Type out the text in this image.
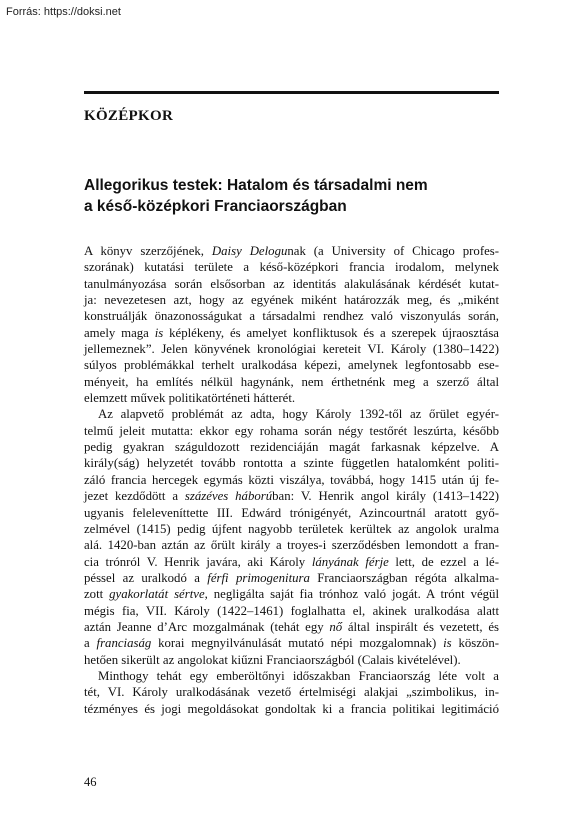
Forrás: https://doksi.net
KÖZÉPKOR
Allegorikus testek: Hatalom és társadalmi nem
a késő-középkori Franciaországban
A könyv szerzőjének, Daisy Delogunak (a University of Chicago profes-
szorának) kutatási területe a késő-középkori francia irodalom, melynek
tanulmányozása során elsősorban az identitás alakulásának kérdését kutat-
ja: nevezetesen azt, hogy az egyének miként határozzák meg, és „miként
konstruálják önazonosságukat a társadalmi rendhez való viszonyulás során,
amely maga is képlékeny, és amelyet konfliktusok és a szerepek újraosztása
jellemeznek”. Jelen könyvének kronológiai kereteit VI. Károly (1380–1422)
súlyos problémákkal terhelt uralkodása képezi, amelynek legfontosabb ese-
ményeit, ha említés nélkül hagynánk, nem érthetnénk meg a szerző által
elemzett művek politikatörténeti hátterét.
Az alapvető problémát az adta, hogy Károly 1392-től az őrület egyér-
telmű jeleit mutatta: ekkor egy rohama során négy testőrét leszúrta, később
pedig gyakran száguldozott rezidenciáján magát farkasnak képzelve. A
király(ság) helyzetét tovább rontotta a szinte független hatalomként politi-
záló francia hercegek egymás közti viszálya, továbbá, hogy 1415 után új fe-
jezet kezdődött a százéves háborúban: V. Henrik angol király (1413–1422)
ugyanis feleleveníttette III. Edwárd trónigényét, Azincourtnál aratott győ-
zelmével (1415) pedig újfent nagyobb területek kerültek az angolok uralma
alá. 1420-ban aztán az őrült király a troyes-i szerződésben lemondott a fran-
cia trónról V. Henrik javára, aki Károly lányának férje lett, de ezzel a lé-
péssel az uralkodó a férfi primogenitura Franciaországban régóta alkalma-
zott gyakorlatát sértve, negligálta saját fia trónhoz való jogát. A trónt végül
mégis fia, VII. Károly (1422–1461) foglalhatta el, akinek uralkodása alatt
aztán Jeanne d’Arc mozgalmának (tehát egy nő által inspirált és vezetett, és
a franciaság korai megnyilvánulását mutató népi mozgalomnak) is köszön-
hetően sikerült az angolokat kiűzni Franciaországból (Calais kivételével).
Minthogy tehát egy emberöltőnyi időszakban Franciaország léte volt a
tét, VI. Károly uralkodásának vezető értelmiségi alakjai „szimbolikus, in-
tézményes és jogi megoldásokat gondoltak ki a francia politikai legitimáció
46
